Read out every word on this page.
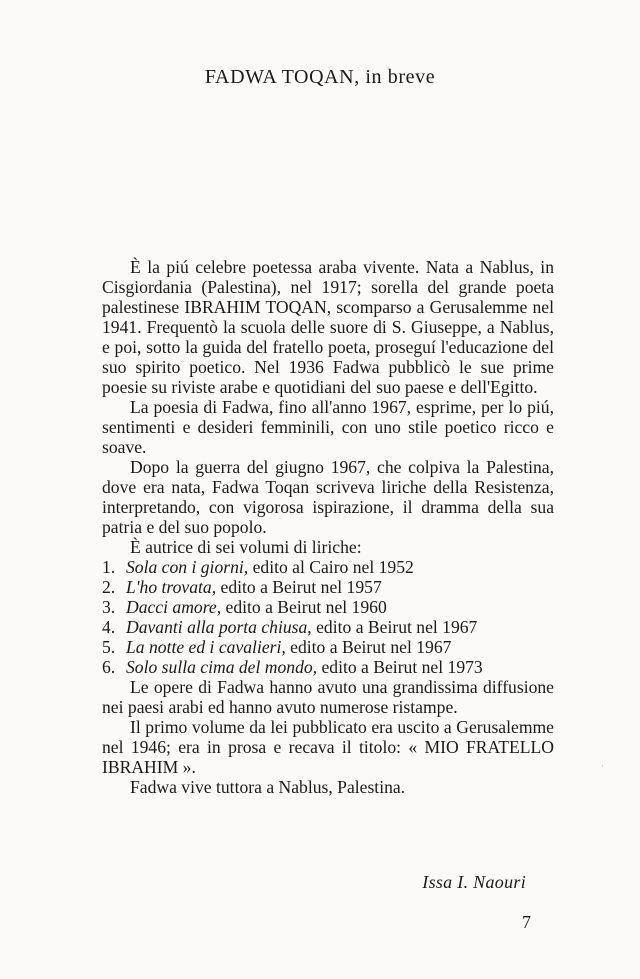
FADWA TOQAN, in breve

È la piú celebre poetessa araba vivente. Nata a Nablus, in Cisgiordania (Palestina), nel 1917; sorella del grande poeta palestinese IBRAHIM TOQAN, scomparso a Gerusalemme nel 1941. Frequentò la scuola delle suore di S. Giuseppe, a Nablus, e poi, sotto la guida del fratello poeta, proseguí l'educazione del suo spirito poetico. Nel 1936 Fadwa pubblicò le sue prime poesie su riviste arabe e quotidiani del suo paese e dell'Egitto.

La poesia di Fadwa, fino all'anno 1967, esprime, per lo piú, sentimenti e desideri femminili, con uno stile poetico ricco e soave.

Dopo la guerra del giugno 1967, che colpiva la Palestina, dove era nata, Fadwa Toqan scriveva liriche della Resistenza, interpretando, con vigorosa ispirazione, il dramma della sua patria e del suo popolo.

È autrice di sei volumi di liriche:

1. Sola con i giorni, edito al Cairo nel 1952
2. L'ho trovata, edito a Beirut nel 1957
3. Dacci amore, edito a Beirut nel 1960
4. Davanti alla porta chiusa, edito a Beirut nel 1967
5. La notte ed i cavalieri, edito a Beirut nel 1967
6. Solo sulla cima del mondo, edito a Beirut nel 1973

Le opere di Fadwa hanno avuto una grandissima diffusione nei paesi arabi ed hanno avuto numerose ristampe.

Il primo volume da lei pubblicato era uscito a Gerusalemme nel 1946; era in prosa e recava il titolo: « MIO FRATELLO IBRAHIM ».

Fadwa vive tuttora a Nablus, Palestina.

Issa I. Naouri
7
ˌ
